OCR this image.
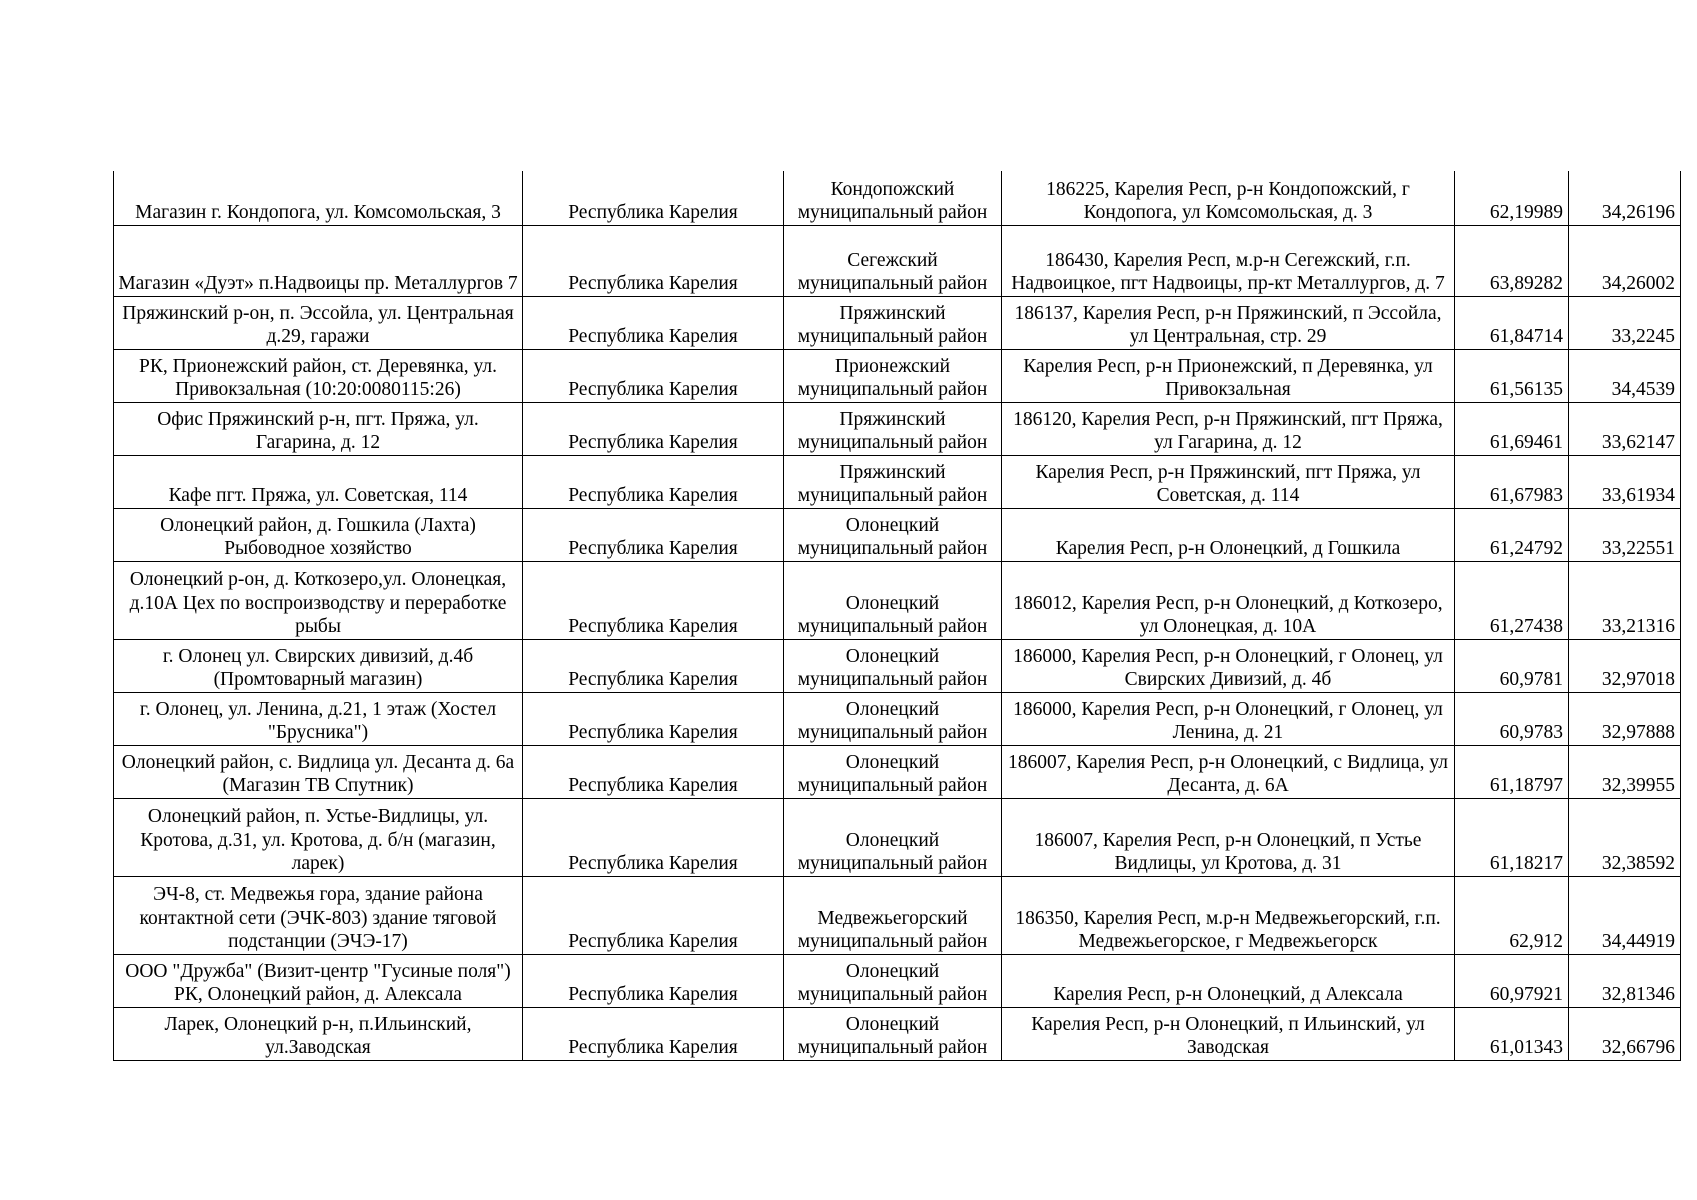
Магазин г. Кондопога, ул. Комсомольская, 3	Республика Карелия	Кондопожский муниципальный район	186225, Карелия Респ, р-н Кондопожский, г Кондопога, ул Комсомольская, д. 3	62,19989	34,26196
Магазин «Дуэт» п.Надвоицы пр. Металлургов 7	Республика Карелия	Сегежский муниципальный район	186430, Карелия Респ, м.р-н Сегежский, г.п. Надвоицкое, пгт Надвоицы, пр-кт Металлургов, д. 7	63,89282	34,26002
Пряжинский р-он, п. Эссойла, ул. Центральная д.29, гаражи	Республика Карелия	Пряжинский муниципальный район	186137, Карелия Респ, р-н Пряжинский, п Эссойла, ул Центральная, стр. 29	61,84714	33,2245
РК, Прионежский район, ст. Деревянка, ул. Привокзальная (10:20:0080115:26)	Республика Карелия	Прионежский муниципальный район	Карелия Респ, р-н Прионежский, п Деревянка, ул Привокзальная	61,56135	34,4539
Офис Пряжинский р-н, пгт. Пряжа, ул. Гагарина, д. 12	Республика Карелия	Пряжинский муниципальный район	186120, Карелия Респ, р-н Пряжинский, пгт Пряжа, ул Гагарина, д. 12	61,69461	33,62147
Кафе пгт. Пряжа, ул. Советская, 114	Республика Карелия	Пряжинский муниципальный район	Карелия Респ, р-н Пряжинский, пгт Пряжа, ул Советская, д. 114	61,67983	33,61934
Олонецкий район, д. Гошкила (Лахта) Рыбоводное хозяйство	Республика Карелия	Олонецкий муниципальный район	Карелия Респ, р-н Олонецкий, д Гошкила	61,24792	33,22551
Олонецкий р-он, д. Коткозеро,ул. Олонецкая, д.10А Цех по воспроизводству и переработке рыбы	Республика Карелия	Олонецкий муниципальный район	186012, Карелия Респ, р-н Олонецкий, д Коткозеро, ул Олонецкая, д. 10А	61,27438	33,21316
г. Олонец ул. Свирских дивизий, д.4б (Промтоварный магазин)	Республика Карелия	Олонецкий муниципальный район	186000, Карелия Респ, р-н Олонецкий, г Олонец, ул Свирских Дивизий, д. 4б	60,9781	32,97018
г. Олонец, ул. Ленина, д.21, 1 этаж (Хостел "Брусника")	Республика Карелия	Олонецкий муниципальный район	186000, Карелия Респ, р-н Олонецкий, г Олонец, ул Ленина, д. 21	60,9783	32,97888
Олонецкий район, с. Видлица ул. Десанта д. 6а (Магазин ТВ Спутник)	Республика Карелия	Олонецкий муниципальный район	186007, Карелия Респ, р-н Олонецкий, с Видлица, ул Десанта, д. 6А	61,18797	32,39955
Олонецкий район, п. Устье-Видлицы, ул. Кротова, д.31, ул. Кротова, д. б/н (магазин, ларек)	Республика Карелия	Олонецкий муниципальный район	186007, Карелия Респ, р-н Олонецкий, п Устье Видлицы, ул Кротова, д. 31	61,18217	32,38592
ЭЧ-8, ст. Медвежья гора, здание района контактной сети (ЭЧК-803) здание тяговой подстанции (ЭЧЭ-17)	Республика Карелия	Медвежьегорский муниципальный район	186350, Карелия Респ, м.р-н Медвежьегорский, г.п. Медвежьегорское, г Медвежьегорск	62,912	34,44919
ООО "Дружба" (Визит-центр "Гусиные поля") РК, Олонецкий район, д. Алексала	Республика Карелия	Олонецкий муниципальный район	Карелия Респ, р-н Олонецкий, д Алексала	60,97921	32,81346
Ларек, Олонецкий р-н, п.Ильинский, ул.Заводская	Республика Карелия	Олонецкий муниципальный район	Карелия Респ, р-н Олонецкий, п Ильинский, ул Заводская	61,01343	32,66796
